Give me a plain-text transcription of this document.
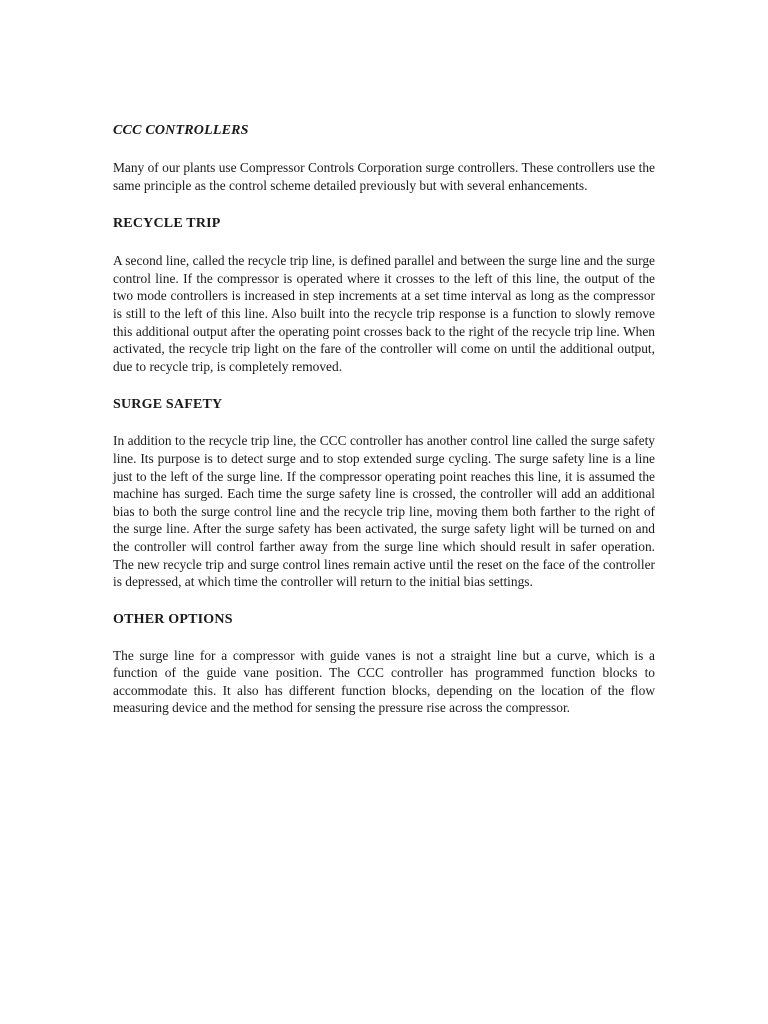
CCC CONTROLLERS

Many of our plants use Compressor Controls Corporation surge controllers. These controllers use the same principle as the control scheme detailed previously but with several enhancements.

RECYCLE TRIP

A second line, called the recycle trip line, is defined parallel and between the surge line and the surge control line. If the compressor is operated where it crosses to the left of this line, the output of the two mode controllers is increased in step increments at a set time interval as long as the compressor is still to the left of this line. Also built into the recycle trip response is a function to slowly remove this additional output after the operating point crosses back to the right of the recycle trip line. When activated, the recycle trip light on the fare of the controller will come on until the additional output, due to recycle trip, is completely removed.

SURGE SAFETY

In addition to the recycle trip line, the CCC controller has another control line called the surge safety line. Its purpose is to detect surge and to stop extended surge cycling. The surge safety line is a line just to the left of the surge line. If the compressor operating point reaches this line, it is assumed the machine has surged. Each time the surge safety line is crossed, the controller will add an additional bias to both the surge control line and the recycle trip line, moving them both farther to the right of the surge line. After the surge safety has been activated, the surge safety light will be turned on and the controller will control farther away from the surge line which should result in safer operation. The new recycle trip and surge control lines remain active until the reset on the face of the controller is depressed, at which time the controller will return to the initial bias settings.

OTHER OPTIONS

The surge line for a compressor with guide vanes is not a straight line but a curve, which is a function of the guide vane position. The CCC controller has programmed function blocks to accommodate this. It also has different function blocks, depending on the location of the flow measuring device and the method for sensing the pressure rise across the compressor.
